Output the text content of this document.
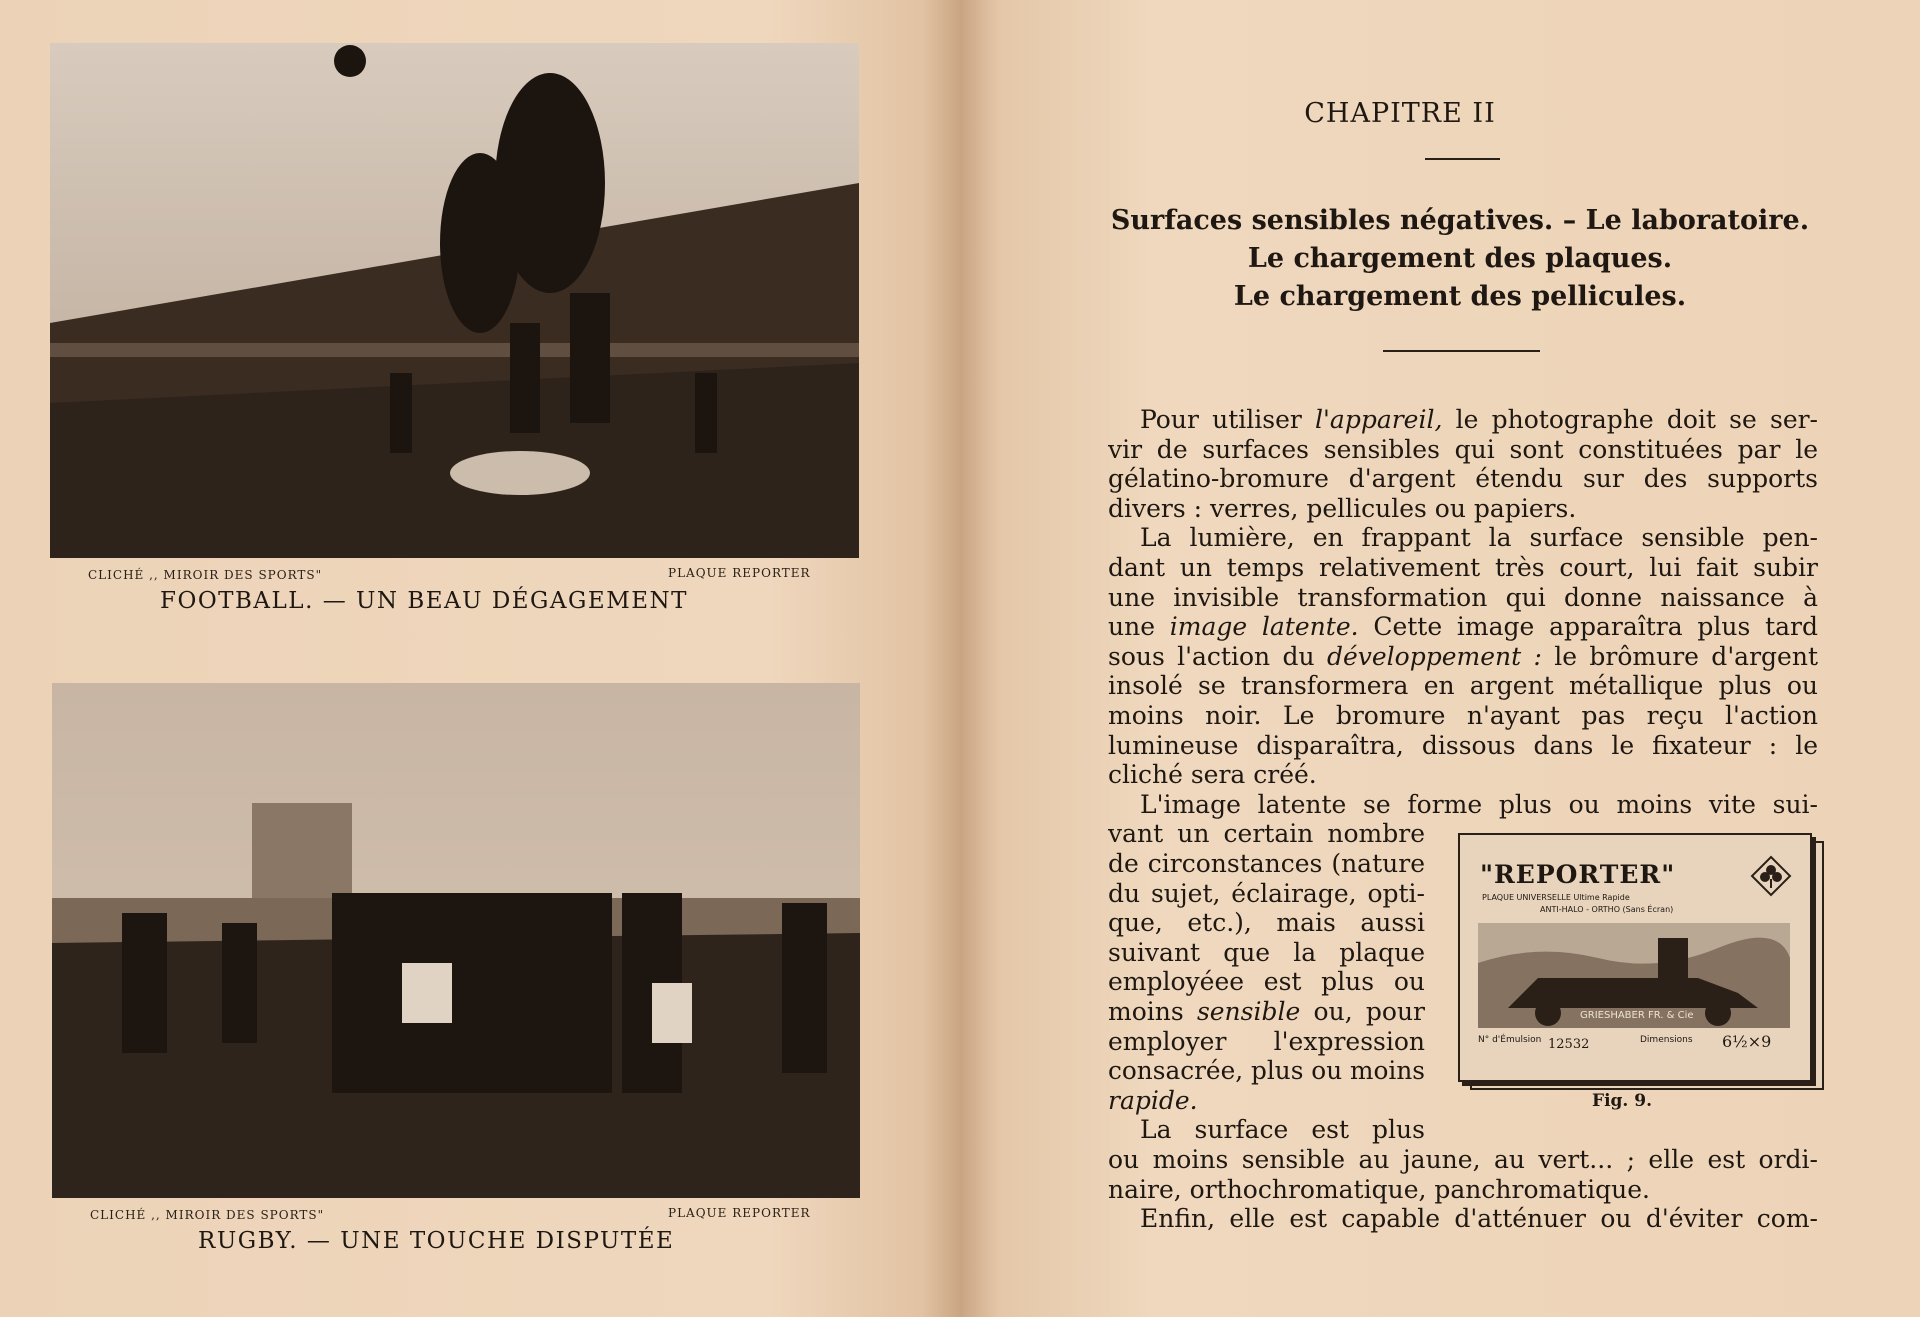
CLICHÉ ,, MIROIR DES SPORTS"	PLAQUE REPORTER
FOOTBALL. — UN BEAU DÉGAGEMENT
CLICHÉ ,, MIROIR DES SPORTS"	PLAQUE REPORTER
RUGBY. — UNE TOUCHE DISPUTÉE
CHAPITRE II
Surfaces sensibles négatives. – Le laboratoire.
Le chargement des plaques.
Le chargement des pellicules.
Pour utiliser l'appareil, le photographe doit se ser-
vir de surfaces sensibles qui sont constituées par le
gélatino-bromure d'argent étendu sur des supports
divers : verres, pellicules ou papiers.
La lumière, en frappant la surface sensible pen-
dant un temps relativement très court, lui fait subir
une invisible transformation qui donne naissance à
une image latente. Cette image apparaîtra plus tard
sous l'action du développement : le brômure d'argent
insolé se transformera en argent métallique plus ou
moins noir. Le bromure n'ayant pas reçu l'action
lumineuse disparaîtra, dissous dans le fixateur : le
cliché sera créé.
L'image latente se forme plus ou moins vite sui-
vant un certain nombre
de circonstances (nature
du sujet, éclairage, opti-
que, etc.), mais aussi
suivant que la plaque
employéee est plus ou
moins sensible ou, pour
employer l'expression
consacrée, plus ou moins
rapide.
La surface est plus
ou moins sensible au jaune, au vert... ; elle est ordi-
naire, orthochromatique, panchromatique.
Enfin, elle est capable d'atténuer ou d'éviter com-
"REPORTER"
PLAQUE UNIVERSELLE Ultime Rapide
ANTI-HALO - ORTHO (Sans Écran)
GRIESHABER FR. & Cie
N° d'Émulsion 12532	Dimensions 6½×9
Fig. 9.
